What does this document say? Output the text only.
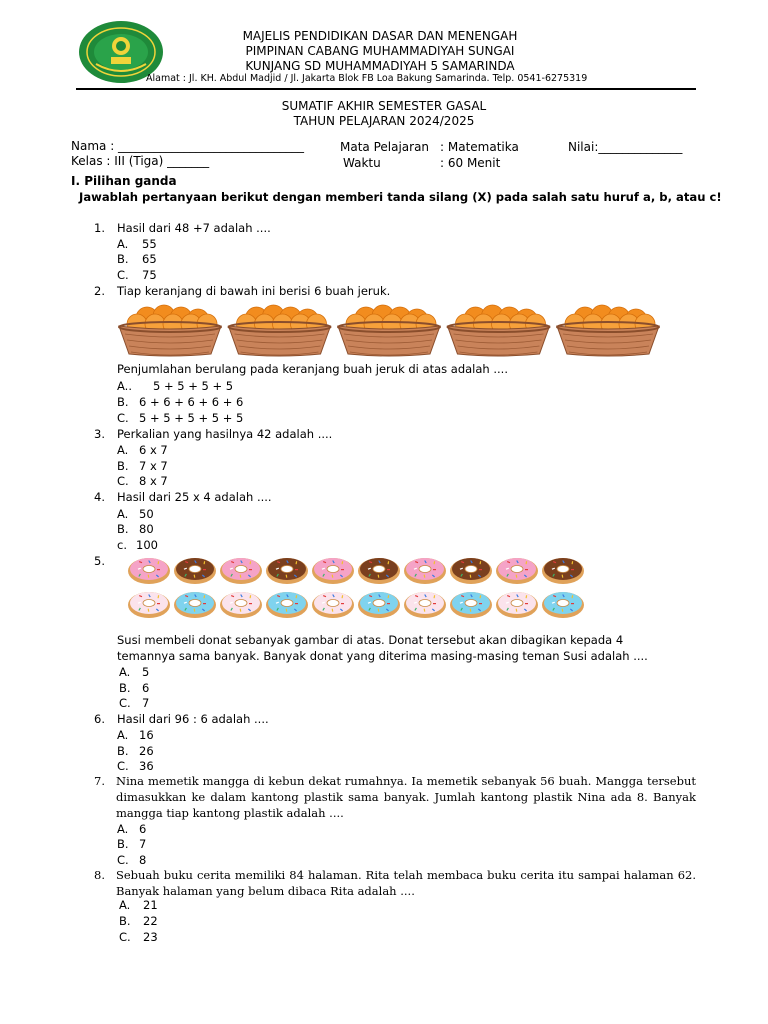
MAJELIS PENDIDIKAN DASAR DAN MENENGAH
PIMPINAN CABANG MUHAMMADIYAH SUNGAI
KUNJANG SD MUHAMMADIYAH 5 SAMARINDA
Alamat : Jl. KH. Abdul Madjid / Jl. Jakarta Blok FB Loa Bakung Samarinda. Telp. 0541-6275319
SUMATIF AKHIR SEMESTER GASAL
TAHUN PELAJARAN 2024/2025
Nama : _______________________________
Kelas : III (Tiga) _______
Mata Pelajaran : Matematika
Waktu	: 60 Menit
Nilai:______________
I. Pilihan ganda
Jawablah pertanyaan berikut dengan memberi tanda silang (X) pada salah satu huruf a, b, atau c!
1. Hasil dari 48 +7 adalah ....
A. 55
B. 65
C. 75
2. Tiap keranjang di bawah ini berisi 6 buah jeruk.
Penjumlahan berulang pada keranjang buah jeruk di atas adalah ....
A.. 5 + 5 + 5 + 5
B. 6 + 6 + 6 + 6 + 6
C. 5 + 5 + 5 + 5 + 5
3. Perkalian yang hasilnya 42 adalah ....
A. 6 x 7
B. 7 x 7
C. 8 x 7
4. Hasil dari 25 x 4 adalah ....
A. 50
B. 80
c. 100
5.
Susi membeli donat sebanyak gambar di atas. Donat tersebut akan dibagikan kepada 4
temannya sama banyak. Banyak donat yang diterima masing-masing teman Susi adalah ....
A. 5
B. 6
C. 7
6. Hasil dari 96 : 6 adalah ....
A. 16
B. 26
C. 36
7. Nina memetik mangga di kebun dekat rumahnya. Ia memetik sebanyak 56 buah. Mangga tersebut dimasukkan ke dalam kantong plastik sama banyak. Jumlah kantong plastik Nina ada 8. Banyak mangga tiap kantong plastik adalah ....
A. 6
B. 7
C. 8
8. Sebuah buku cerita memiliki 84 halaman. Rita telah membaca buku cerita itu sampai halaman 62. Banyak halaman yang belum dibaca Rita adalah ....
A. 21
B. 22
C. 23
